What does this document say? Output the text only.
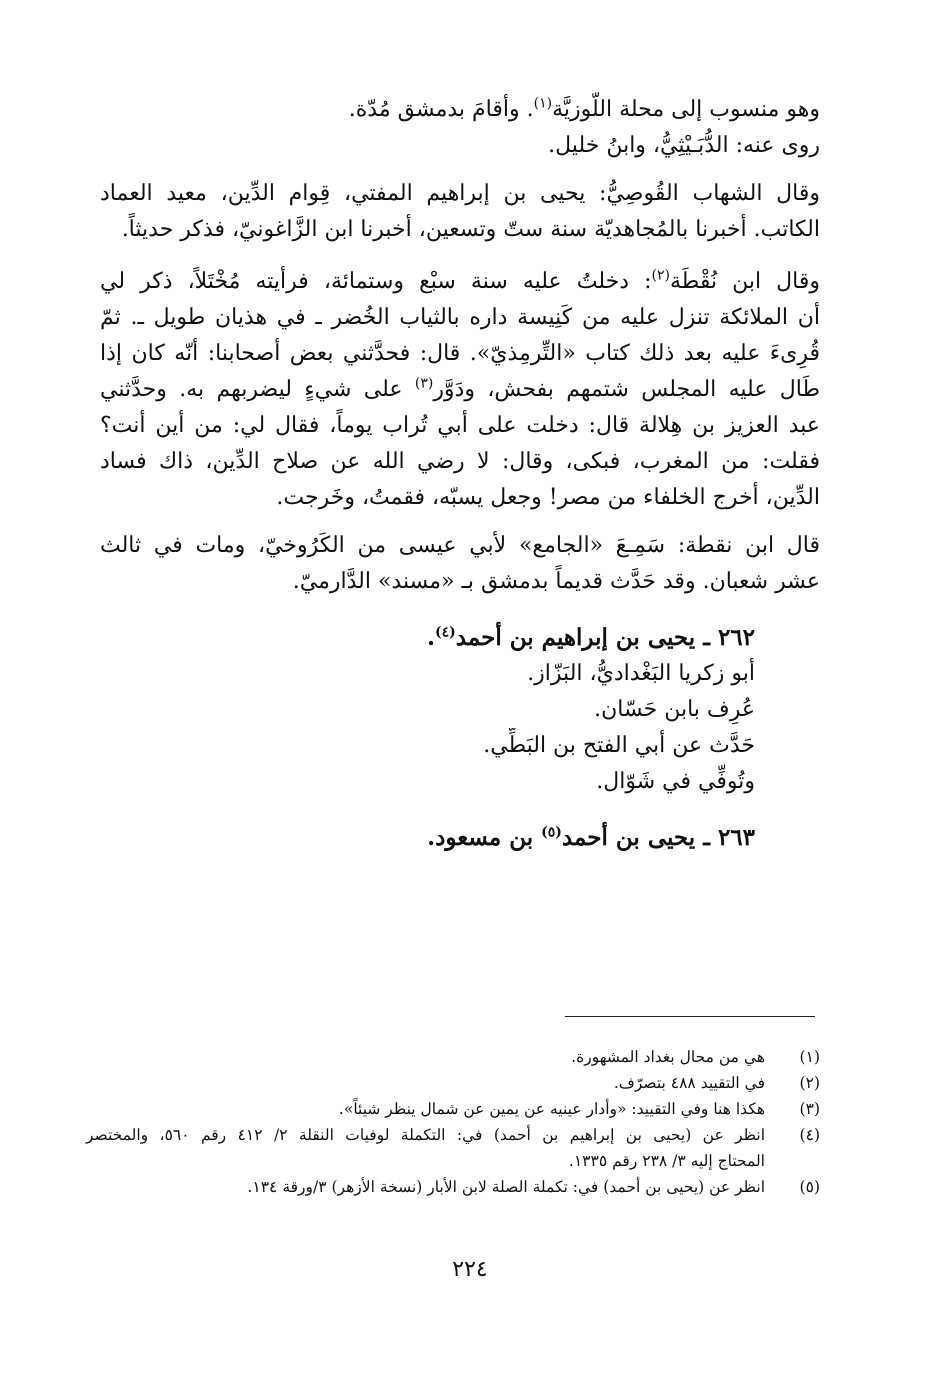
وهو منسوب إلى محلة اللَّوزيَّة$^{(١)}$. وأقامَ بدمشق مُدّة.
روى عنه: الدُّبَـيْثِيُّ، وابنُ خليل.
وقال الشهاب القُوصِيُّ: يحيى بن إبراهيم المفتي، قِوام الدِّين، معيد العماد
الكاتب. أخبرنا بالمُجاهديّة سنة ستّ وتسعين، أخبرنا ابن الزَّاغونيّ، فذكر حديثاً.
وقال ابن نُقْطَة$^{(٢)}$: دخلتُ عليه سنة سبْع وستمائة، فرأيته مُخْتَلاً، ذكر لي
أن الملائكة تنزل عليه من كَنِيسة داره بالثياب الخُضر ـ في هذيان طويل ـ. ثمّ
قُرِىءَ عليه بعد ذلك كتاب «التِّرمِذيّ». قال: فحدَّثني بعض أصحابنا: أنّه كان إذا
طَال عليه المجلس شتمهم بفحش، ودَوَّر$^{(٣)}$ على شيءٍ ليضربهم به. وحدَّثني
عبد العزيز بن هِلالة قال: دخلت على أبي تُراب يوماً، فقال لي: من أين أنت؟
فقلت: من المغرب، فبكى، وقال: لا رضي الله عن صلاح الدِّين، ذاك فساد
الدِّين، أخرج الخلفاء من مصر! وجعل يسبّه، فقمتُ، وخَرجت.
قال ابن نقطة: سَمِـعَ «الجامع» لأبي عيسى من الكَرُوخيّ، ومات في ثالث
عشر شعبان. وقد حَدَّث قديماً بدمشق بـ «مسند» الدَّارميّ.
٢٦٢ ـ يحيى بن إبراهيم بن أحمد$^{(٤)}$.
أبو زكريا البَغْداديُّ، البَزّاز.
عُرِف بابن حَسّان.
حَدَّث عن أبي الفتح بن البَطِّي.
وتُوفِّي في شَوّال.
٢٦٣ ـ يحيى بن أحمد$^{(٥)}$ بن مسعود.
(١)
هي من محال بغداد المشهورة.
(٢)
في التقييد ٤٨٨ بتصرّف.
(٣)
هكذا هنا وفي التقييد: «وأدار عينيه عن يمين عن شمال ينظر شيئاً».
(٤)
انظر عن (يحيى بن إبراهيم بن أحمد) في: التكملة لوفيات النقلة ٢/ ٤١٢ رقم ٥٦٠، والمختصر
المحتاج إليه ٣/ ٢٣٨ رقم ١٣٣٥.
(٥)
انظر عن (يحيى بن أحمد) في: تكملة الصلة لابن الأبار (نسخة الأزهر) ٣/ورقة ١٣٤.
٢٢٤
